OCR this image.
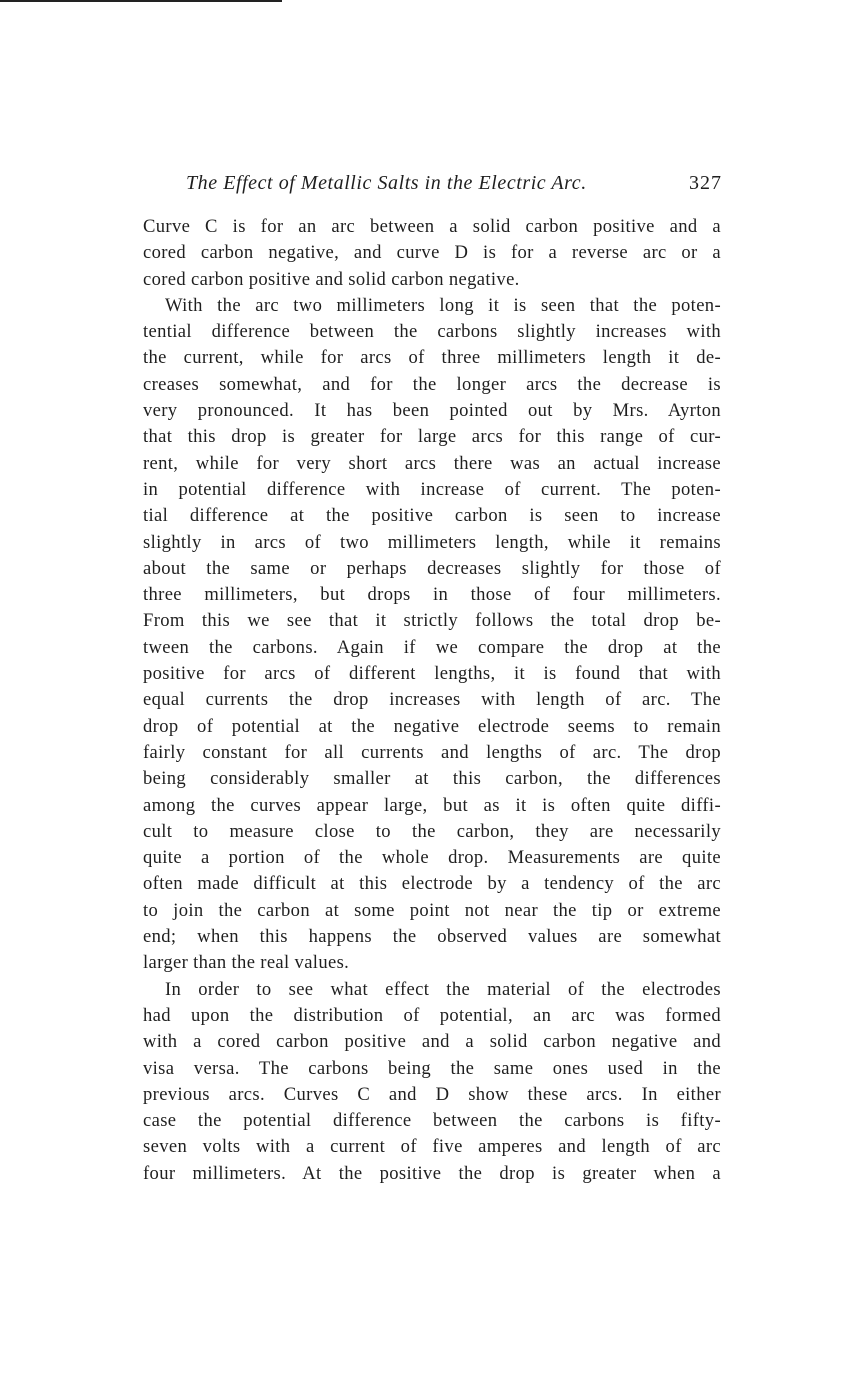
The Effect of Metallic Salts in the Electric Arc.	327
Curve C is for an arc between a solid carbon positive and a
cored carbon negative, and curve D is for a reverse arc or a
cored carbon positive and solid carbon negative.
With the arc two millimeters long it is seen that the poten-
tential difference between the carbons slightly increases with
the current, while for arcs of three millimeters length it de-
creases somewhat, and for the longer arcs the decrease is
very pronounced. It has been pointed out by Mrs. Ayrton
that this drop is greater for large arcs for this range of cur-
rent, while for very short arcs there was an actual increase
in potential difference with increase of current. The poten-
tial difference at the positive carbon is seen to increase
slightly in arcs of two millimeters length, while it remains
about the same or perhaps decreases slightly for those of
three millimeters, but drops in those of four millimeters.
From this we see that it strictly follows the total drop be-
tween the carbons. Again if we compare the drop at the
positive for arcs of different lengths, it is found that with
equal currents the drop increases with length of arc. The
drop of potential at the negative electrode seems to remain
fairly constant for all currents and lengths of arc. The drop
being considerably smaller at this carbon, the differences
among the curves appear large, but as it is often quite diffi-
cult to measure close to the carbon, they are necessarily
quite a portion of the whole drop. Measurements are quite
often made difficult at this electrode by a tendency of the arc
to join the carbon at some point not near the tip or extreme
end; when this happens the observed values are somewhat
larger than the real values.
In order to see what effect the material of the electrodes
had upon the distribution of potential, an arc was formed
with a cored carbon positive and a solid carbon negative and
visa versa. The carbons being the same ones used in the
previous arcs. Curves C and D show these arcs. In either
case the potential difference between the carbons is fifty-
seven volts with a current of five amperes and length of arc
four millimeters. At the positive the drop is greater when a
